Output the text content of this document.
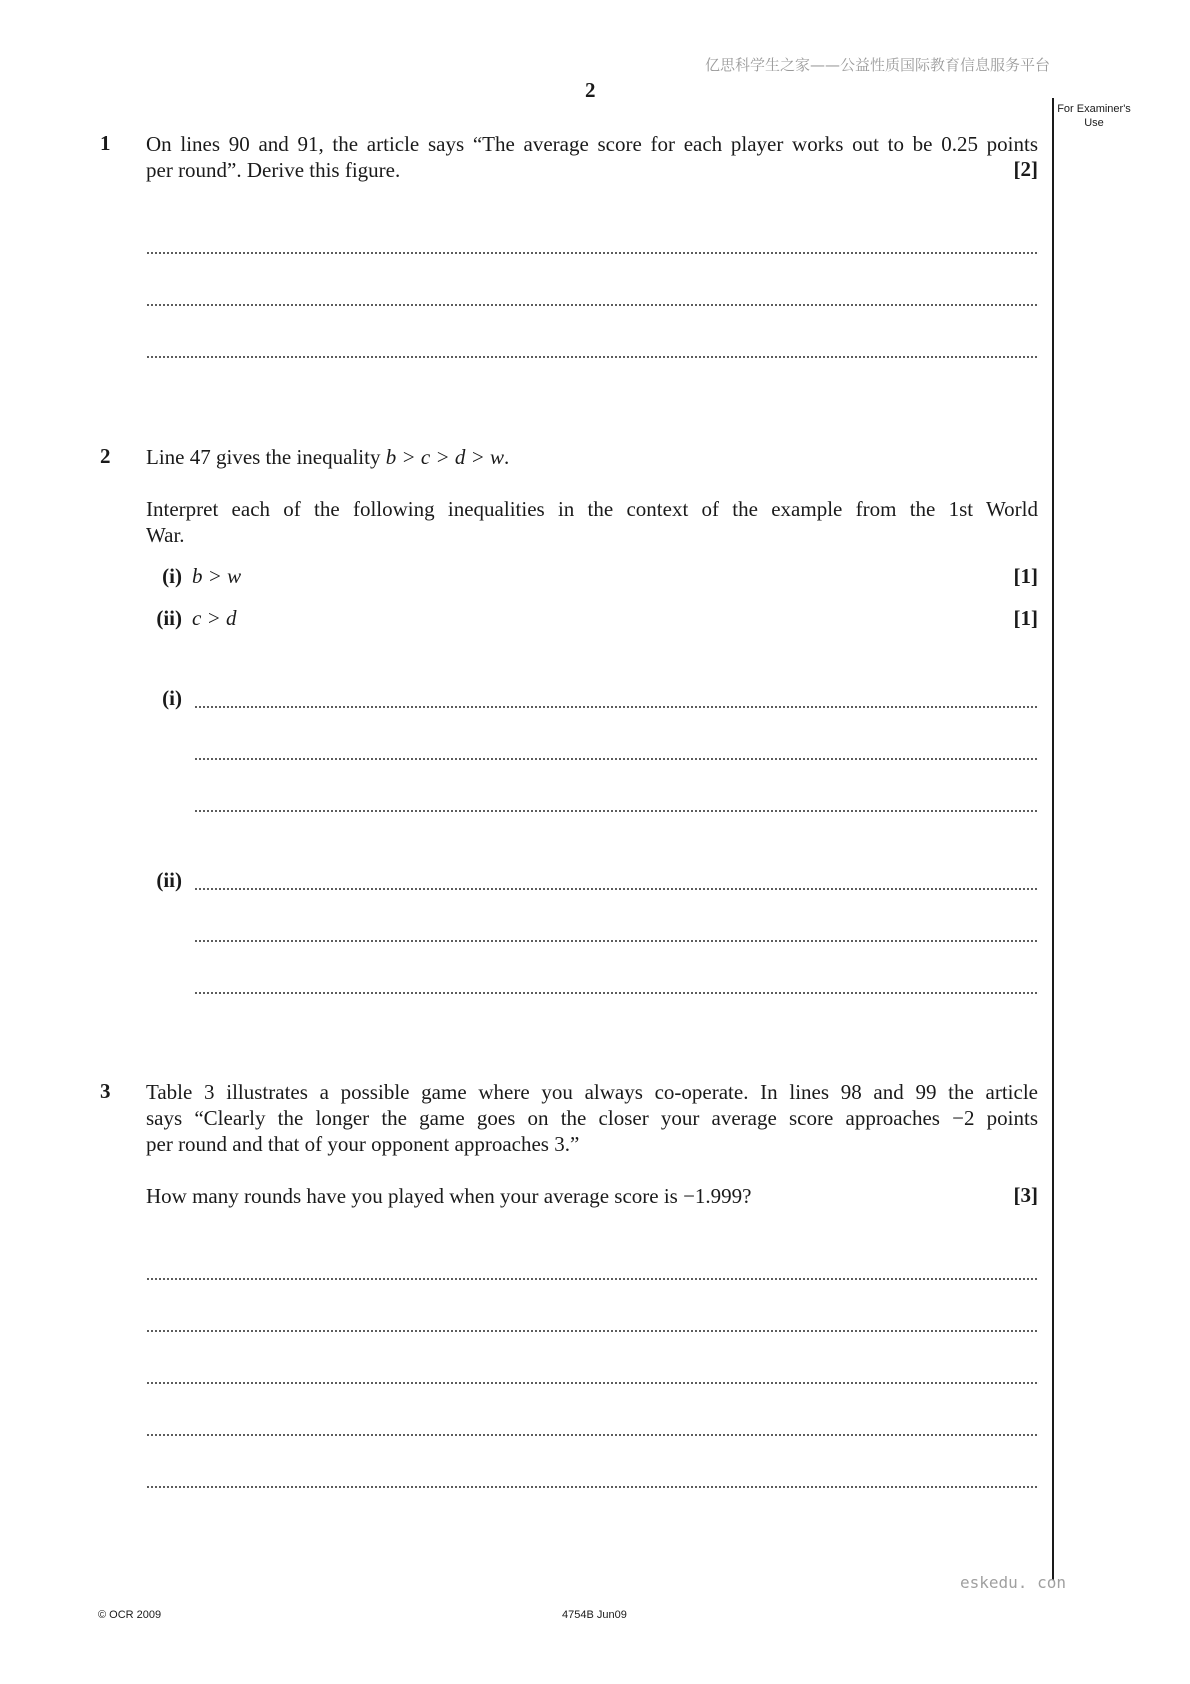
亿思科学生之家——公益性质国际教育信息服务平台
2
For Examiner's Use
1 On lines 90 and 91, the article says “The average score for each player works out to be 0.25 points
per round”. Derive this figure.	[2]
2 Line 47 gives the inequality b > c > d > w.
Interpret each of the following inequalities in the context of the example from the 1st World
War.
(i) b > w	[1]
(ii) c > d	[1]
(i)
(ii)
3 Table 3 illustrates a possible game where you always co-operate. In lines 98 and 99 the article
says “Clearly the longer the game goes on the closer your average score approaches −2 points
per round and that of your opponent approaches 3.”
How many rounds have you played when your average score is −1.999?	[3]
eskedu. con
© OCR 2009	4754B Jun09
